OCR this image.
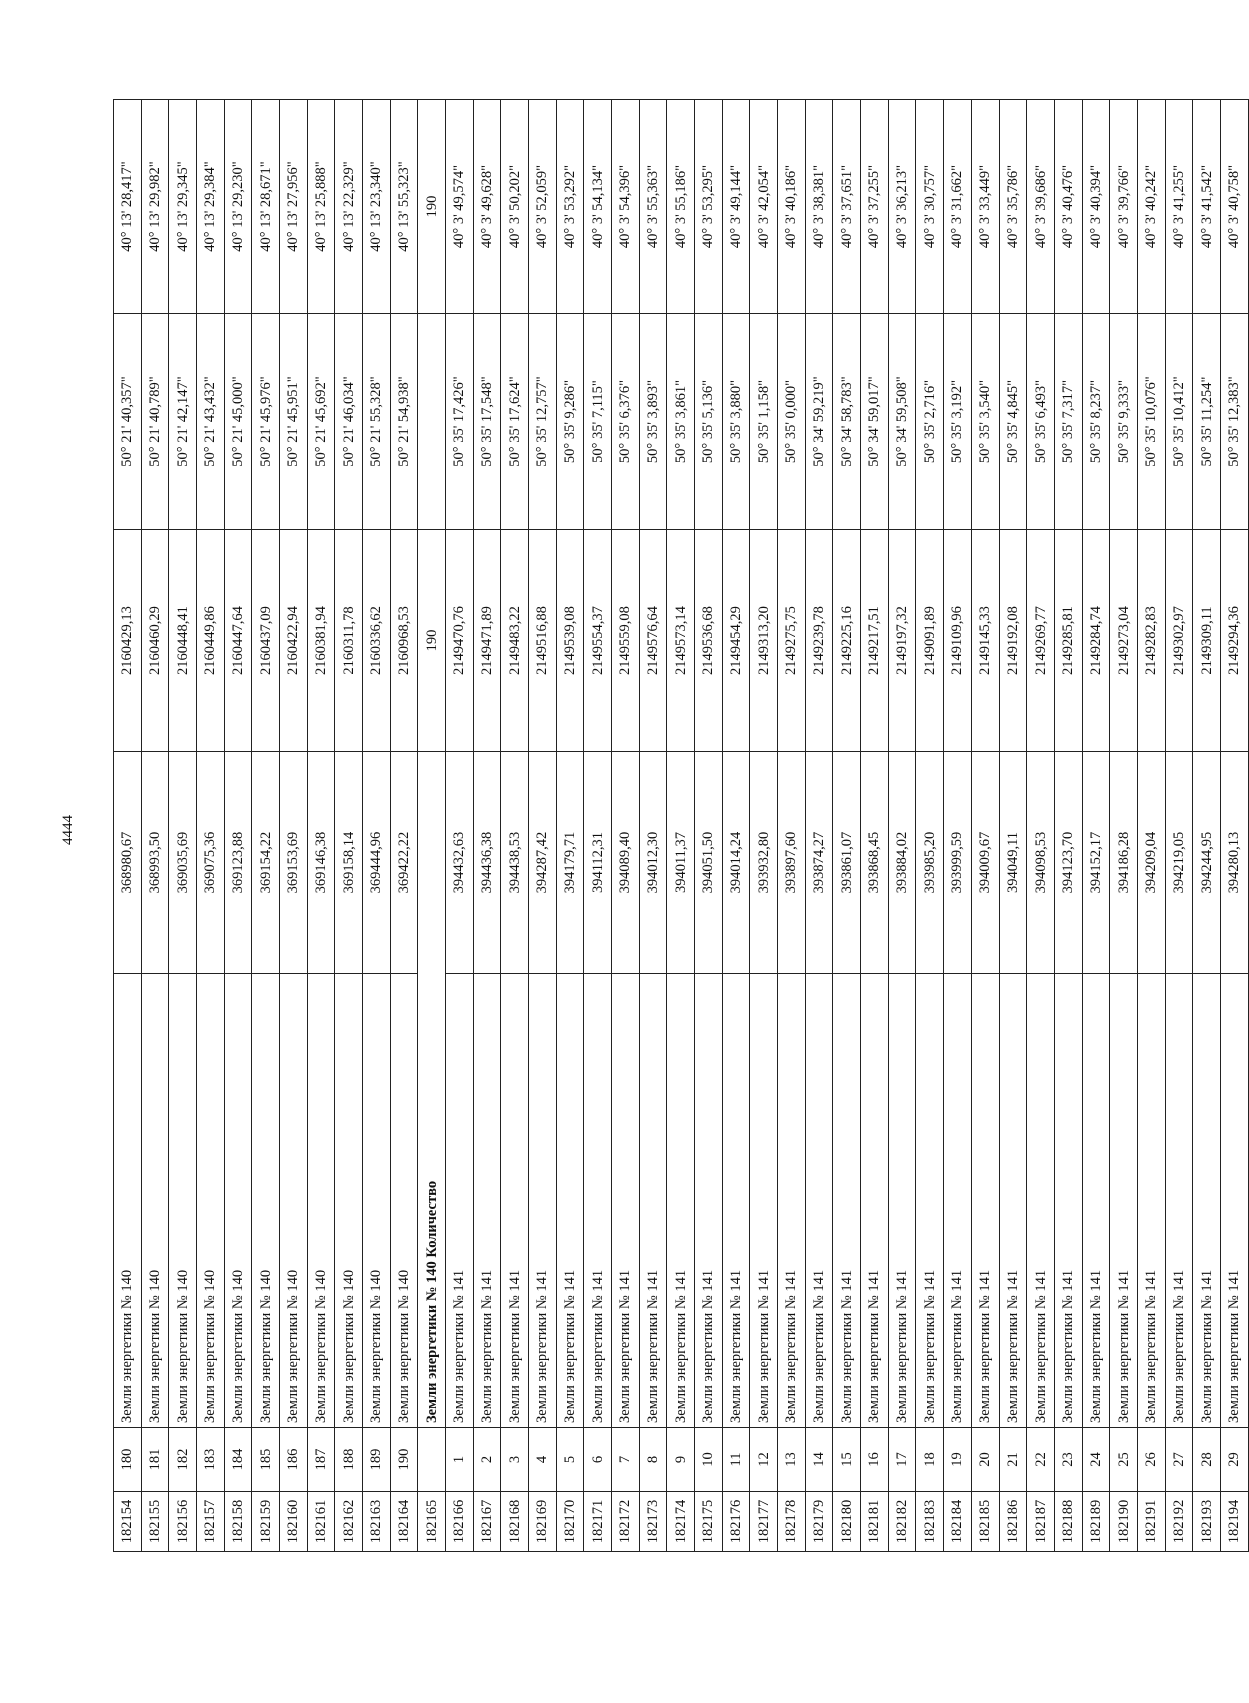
4444
182154	180	Земли энергетики № 140	368980,67	2160429,13	50° 21' 40,357"	40° 13' 28,417"
182155	181	Земли энергетики № 140	368993,50	2160460,29	50° 21' 40,789"	40° 13' 29,982"
182156	182	Земли энергетики № 140	369035,69	2160448,41	50° 21' 42,147"	40° 13' 29,345"
182157	183	Земли энергетики № 140	369075,36	2160449,86	50° 21' 43,432"	40° 13' 29,384"
182158	184	Земли энергетики № 140	369123,88	2160447,64	50° 21' 45,000"	40° 13' 29,230"
182159	185	Земли энергетики № 140	369154,22	2160437,09	50° 21' 45,976"	40° 13' 28,671"
182160	186	Земли энергетики № 140	369153,69	2160422,94	50° 21' 45,951"	40° 13' 27,956"
182161	187	Земли энергетики № 140	369146,38	2160381,94	50° 21' 45,692"	40° 13' 25,888"
182162	188	Земли энергетики № 140	369158,14	2160311,78	50° 21' 46,034"	40° 13' 22,329"
182163	189	Земли энергетики № 140	369444,96	2160336,62	50° 21' 55,328"	40° 13' 23,340"
182164	190	Земли энергетики № 140	369422,22	2160968,53	50° 21' 54,938"	40° 13' 55,323"
182165		Земли энергетики № 140 Количество		190		190
182166	1	Земли энергетики № 141	394432,63	2149470,76	50° 35' 17,426"	40° 3' 49,574"
182167	2	Земли энергетики № 141	394436,38	2149471,89	50° 35' 17,548"	40° 3' 49,628"
182168	3	Земли энергетики № 141	394438,53	2149483,22	50° 35' 17,624"	40° 3' 50,202"
182169	4	Земли энергетики № 141	394287,42	2149516,88	50° 35' 12,757"	40° 3' 52,059"
182170	5	Земли энергетики № 141	394179,71	2149539,08	50° 35' 9,286"	40° 3' 53,292"
182171	6	Земли энергетики № 141	394112,31	2149554,37	50° 35' 7,115"	40° 3' 54,134"
182172	7	Земли энергетики № 141	394089,40	2149559,08	50° 35' 6,376"	40° 3' 54,396"
182173	8	Земли энергетики № 141	394012,30	2149576,64	50° 35' 3,893"	40° 3' 55,363"
182174	9	Земли энергетики № 141	394011,37	2149573,14	50° 35' 3,861"	40° 3' 55,186"
182175	10	Земли энергетики № 141	394051,50	2149536,68	50° 35' 5,136"	40° 3' 53,295"
182176	11	Земли энергетики № 141	394014,24	2149454,29	50° 35' 3,880"	40° 3' 49,144"
182177	12	Земли энергетики № 141	393932,80	2149313,20	50° 35' 1,158"	40° 3' 42,054"
182178	13	Земли энергетики № 141	393897,60	2149275,75	50° 35' 0,000"	40° 3' 40,186"
182179	14	Земли энергетики № 141	393874,27	2149239,78	50° 34' 59,219"	40° 3' 38,381"
182180	15	Земли энергетики № 141	393861,07	2149225,16	50° 34' 58,783"	40° 3' 37,651"
182181	16	Земли энергетики № 141	393868,45	2149217,51	50° 34' 59,017"	40° 3' 37,255"
182182	17	Земли энергетики № 141	393884,02	2149197,32	50° 34' 59,508"	40° 3' 36,213"
182183	18	Земли энергетики № 141	393985,20	2149091,89	50° 35' 2,716"	40° 3' 30,757"
182184	19	Земли энергетики № 141	393999,59	2149109,96	50° 35' 3,192"	40° 3' 31,662"
182185	20	Земли энергетики № 141	394009,67	2149145,33	50° 35' 3,540"	40° 3' 33,449"
182186	21	Земли энергетики № 141	394049,11	2149192,08	50° 35' 4,845"	40° 3' 35,786"
182187	22	Земли энергетики № 141	394098,53	2149269,77	50° 35' 6,493"	40° 3' 39,686"
182188	23	Земли энергетики № 141	394123,70	2149285,81	50° 35' 7,317"	40° 3' 40,476"
182189	24	Земли энергетики № 141	394152,17	2149284,74	50° 35' 8,237"	40° 3' 40,394"
182190	25	Земли энергетики № 141	394186,28	2149273,04	50° 35' 9,333"	40° 3' 39,766"
182191	26	Земли энергетики № 141	394209,04	2149282,83	50° 35' 10,076"	40° 3' 40,242"
182192	27	Земли энергетики № 141	394219,05	2149302,97	50° 35' 10,412"	40° 3' 41,255"
182193	28	Земли энергетики № 141	394244,95	2149309,11	50° 35' 11,254"	40° 3' 41,542"
182194	29	Земли энергетики № 141	394280,13	2149294,36	50° 35' 12,383"	40° 3' 40,758"
